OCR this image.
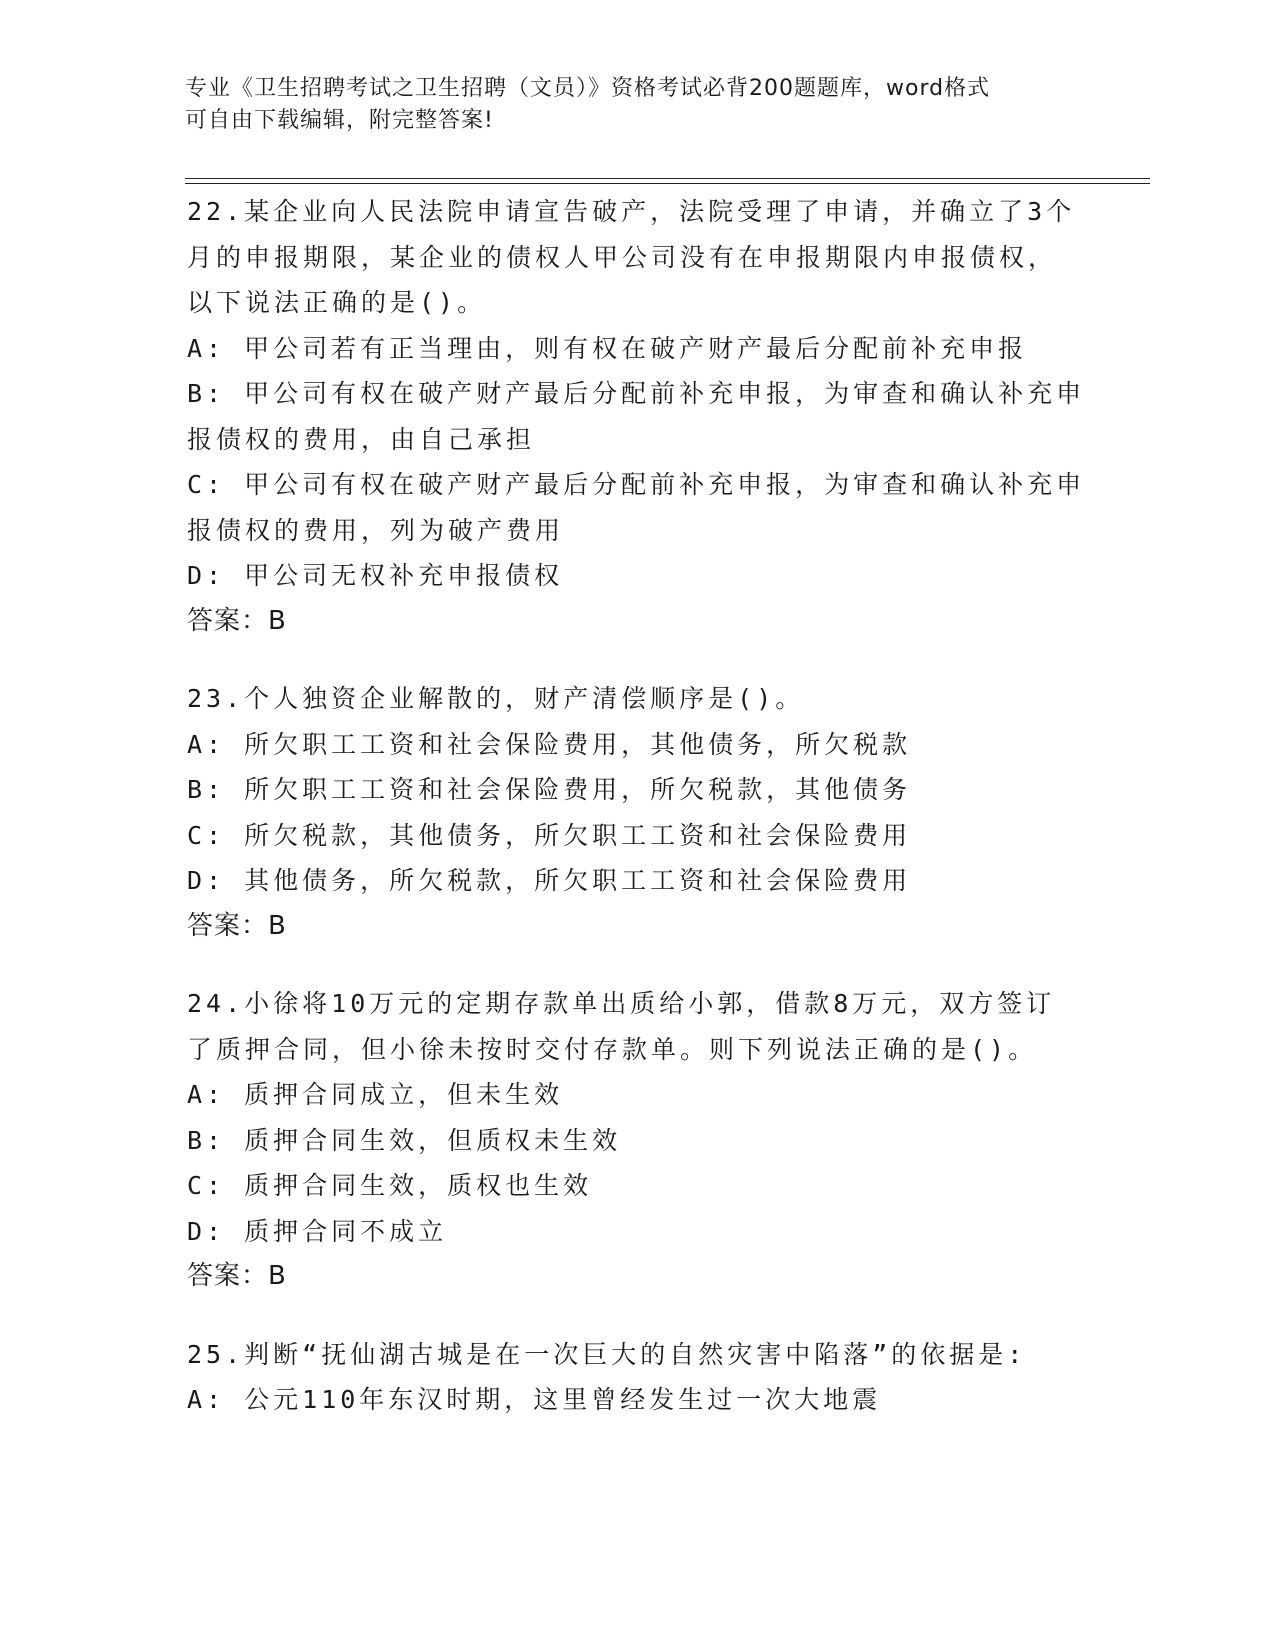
专业《卫生招聘考试之卫生招聘（文员）》资格考试必背200题题库，word格式
可自由下载编辑，附完整答案!
22.某企业向人民法院申请宣告破产，法院受理了申请，并确立了3个
月的申报期限，某企业的债权人甲公司没有在申报期限内申报债权，
以下说法正确的是()。
A: 甲公司若有正当理由，则有权在破产财产最后分配前补充申报
B: 甲公司有权在破产财产最后分配前补充申报，为审查和确认补充申
报债权的费用，由自己承担
C: 甲公司有权在破产财产最后分配前补充申报，为审查和确认补充申
报债权的费用，列为破产费用
D: 甲公司无权补充申报债权
答案：B
23.个人独资企业解散的，财产清偿顺序是()。
A: 所欠职工工资和社会保险费用，其他债务，所欠税款
B: 所欠职工工资和社会保险费用，所欠税款，其他债务
C: 所欠税款，其他债务，所欠职工工资和社会保险费用
D: 其他债务，所欠税款，所欠职工工资和社会保险费用
答案：B
24.小徐将10万元的定期存款单出质给小郭，借款8万元，双方签订
了质押合同，但小徐未按时交付存款单。则下列说法正确的是()。
A: 质押合同成立，但未生效
B: 质押合同生效，但质权未生效
C: 质押合同生效，质权也生效
D: 质押合同不成立
答案：B
25.判断“抚仙湖古城是在一次巨大的自然灾害中陷落”的依据是:
A: 公元110年东汉时期，这里曾经发生过一次大地震
